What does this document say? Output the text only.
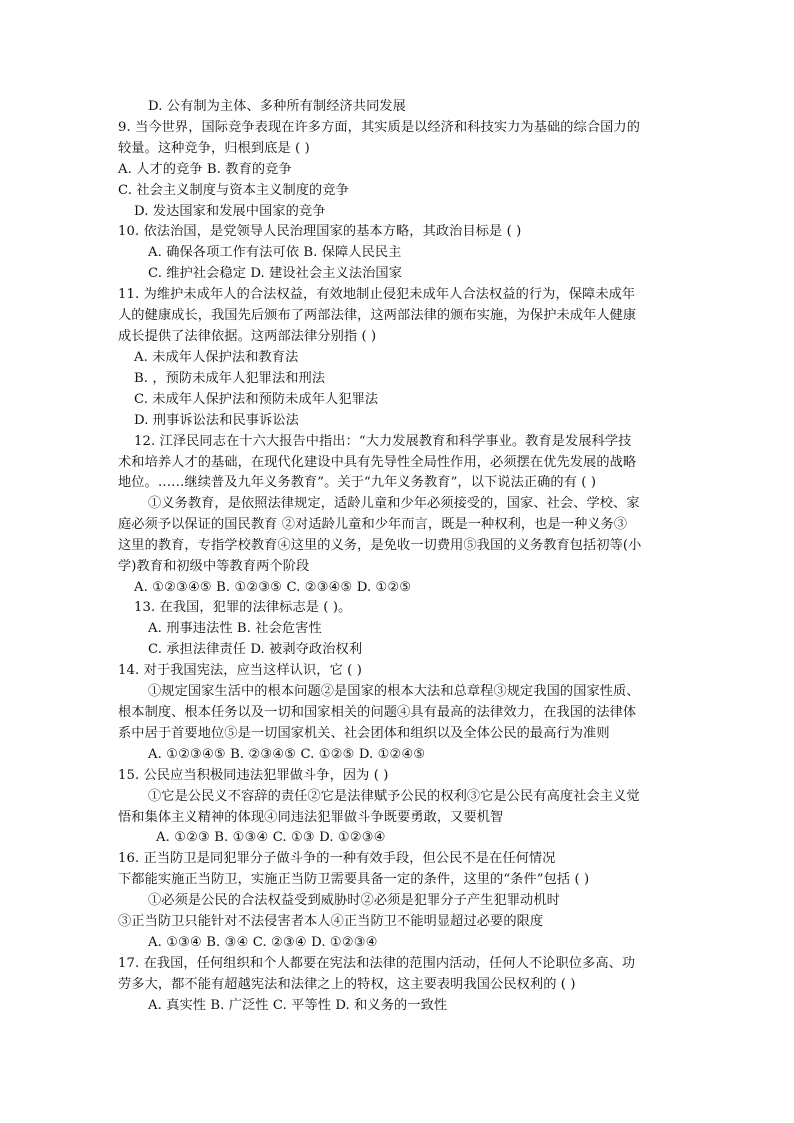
D. 公有制为主体、多种所有制经济共同发展
9. 当今世界，国际竞争表现在许多方面，其实质是以经济和科技实力为基础的综合国力的
较量。这种竞争，归根到底是 ( )
A. 人才的竞争 B. 教育的竞争
C. 社会主义制度与资本主义制度的竞争
D. 发达国家和发展中国家的竞争
10. 依法治国，是党领导人民治理国家的基本方略，其政治目标是 ( )
A. 确保各项工作有法可依 B. 保障人民民主
C. 维护社会稳定 D. 建设社会主义法治国家
11. 为维护未成年人的合法权益，有效地制止侵犯未成年人合法权益的行为，保障未成年
人的健康成长，我国先后颁布了两部法律，这两部法律的颁布实施，为保护未成年人健康
成长提供了法律依据。这两部法律分别指 ( )
A. 未成年人保护法和教育法
B. ，预防未成年人犯罪法和刑法
C. 未成年人保护法和预防未成年人犯罪法
D. 刑事诉讼法和民事诉讼法
12. 江泽民同志在十六大报告中指出：“大力发展教育和科学事业。教育是发展科学技
术和培养人才的基础，在现代化建设中具有先导性全局性作用，必须摆在优先发展的战略
地位。……继续普及九年义务教育”。关于“九年义务教育”，以下说法正确的有 ( )
①义务教育，是依照法律规定，适龄儿童和少年必须接受的，国家、社会、学校、家
庭必须予以保证的国民教育 ②对适龄儿童和少年而言，既是一种权利，也是一种义务③
这里的教育，专指学校教育④这里的义务，是免收一切费用⑤我国的义务教育包括初等(小
学)教育和初级中等教育两个阶段
A. ①②③④⑤ B. ①②③⑤ C. ②③④⑤ D. ①②⑤
13. 在我国，犯罪的法律标志是 ( )。
A. 刑事违法性 B. 社会危害性
C. 承担法律责任 D. 被剥夺政治权利
14. 对于我国宪法，应当这样认识，它 ( )
①规定国家生活中的根本问题②是国家的根本大法和总章程③规定我国的国家性质、
根本制度、根本任务以及一切和国家相关的问题④具有最高的法律效力，在我国的法律体
系中居于首要地位⑤是一切国家机关、社会团体和组织以及全体公民的最高行为准则
A. ①②③④⑤ B. ②③④⑤ C. ①②⑤ D. ①②④⑤
15. 公民应当积极同违法犯罪做斗争，因为 ( )
①它是公民义不容辞的责任②它是法律赋予公民的权利③它是公民有高度社会主义觉
悟和集体主义精神的体现④同违法犯罪做斗争既要勇敢，又要机智
A. ①②③ B. ①③④ C. ①③ D. ①②③④
16. 正当防卫是同犯罪分子做斗争的一种有效手段，但公民不是在任何情况
下都能实施正当防卫，实施正当防卫需要具备一定的条件，这里的“条件”包括 ( )
①必须是公民的合法权益受到威胁时②必须是犯罪分子产生犯罪动机时
③正当防卫只能针对不法侵害者本人④正当防卫不能明显超过必要的限度
A. ①③④ B. ③④ C. ②③④ D. ①②③④
17. 在我国，任何组织和个人都要在宪法和法律的范围内活动，任何人不论职位多高、功
劳多大，都不能有超越宪法和法律之上的特权，这主要表明我国公民权利的 ( )
A. 真实性 B. 广泛性 C. 平等性 D. 和义务的一致性
